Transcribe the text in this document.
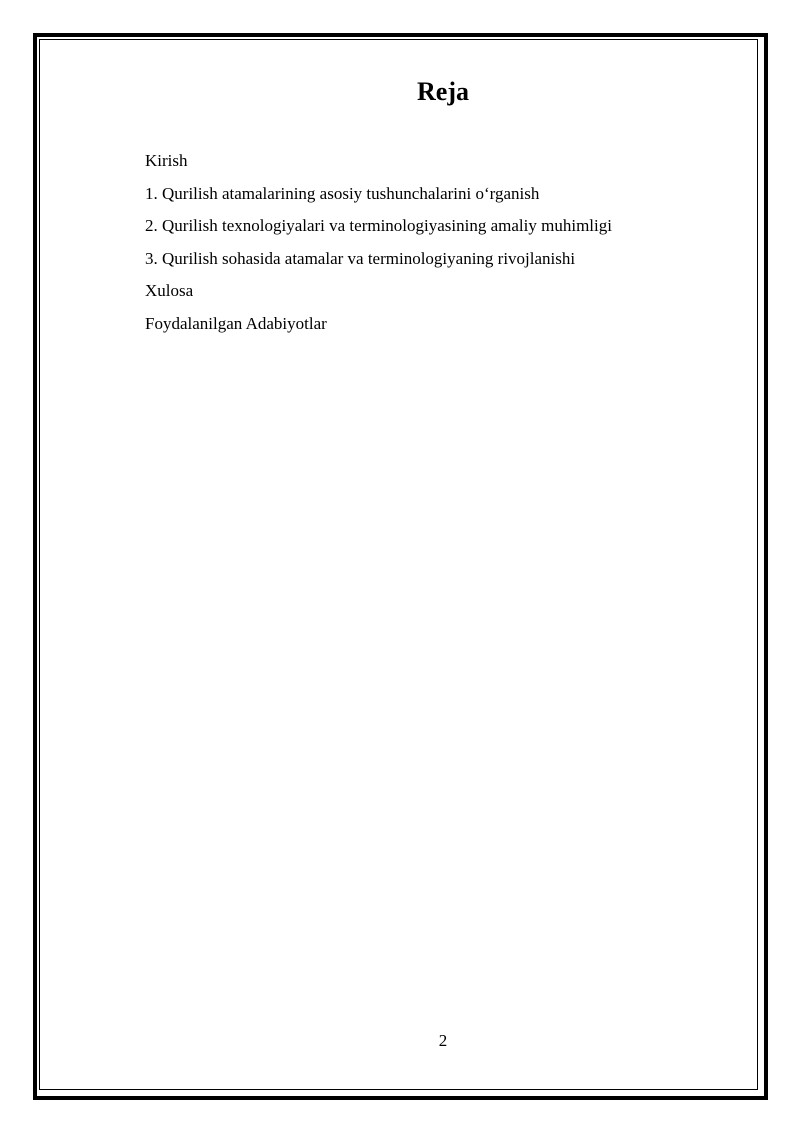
Reja
Kirish
1. Qurilish atamalarining asosiy tushunchalarini o‘rganish
2. Qurilish texnologiyalari va terminologiyasining amaliy muhimligi
3. Qurilish sohasida atamalar va terminologiyaning rivojlanishi
Xulosa
Foydalanilgan Adabiyotlar
2
